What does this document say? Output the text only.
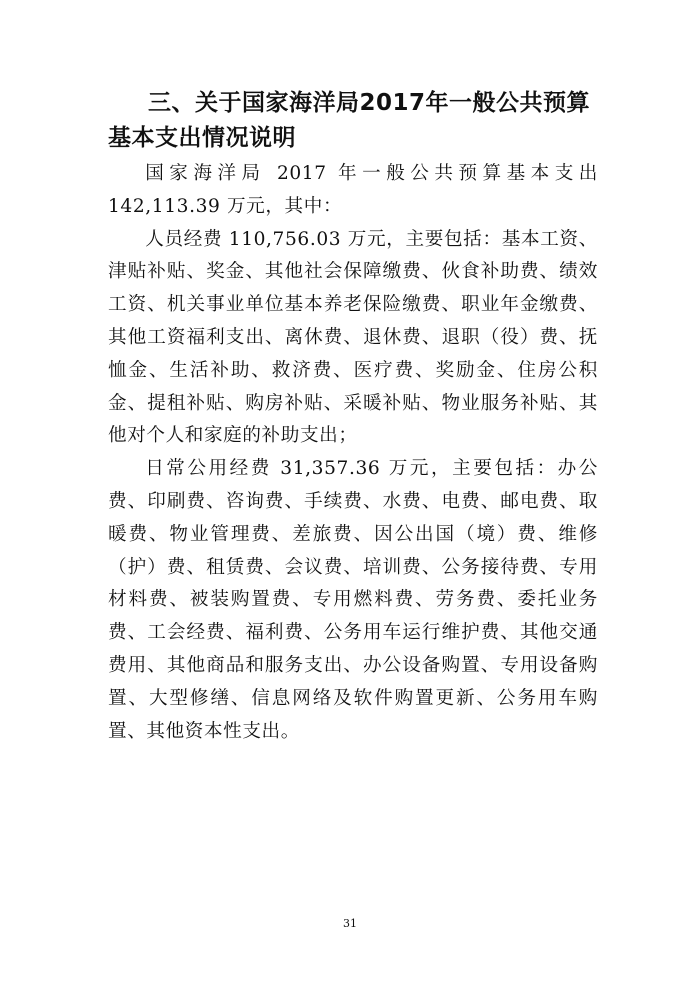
三、关于国家海洋局2017年一般公共预算基本支出情况说明

国家海洋局 2017 年一般公共预算基本支出 142,113.39 万元，其中：

人员经费 110,756.03 万元，主要包括：基本工资、津贴补贴、奖金、其他社会保障缴费、伙食补助费、绩效工资、机关事业单位基本养老保险缴费、职业年金缴费、其他工资福利支出、离休费、退休费、退职（役）费、抚恤金、生活补助、救济费、医疗费、奖励金、住房公积金、提租补贴、购房补贴、采暖补贴、物业服务补贴、其他对个人和家庭的补助支出；

日常公用经费 31,357.36 万元，主要包括：办公费、印刷费、咨询费、手续费、水费、电费、邮电费、取暖费、物业管理费、差旅费、因公出国（境）费、维修（护）费、租赁费、会议费、培训费、公务接待费、专用材料费、被装购置费、专用燃料费、劳务费、委托业务费、工会经费、福利费、公务用车运行维护费、其他交通费用、其他商品和服务支出、办公设备购置、专用设备购置、大型修缮、信息网络及软件购置更新、公务用车购置、其他资本性支出。

31
